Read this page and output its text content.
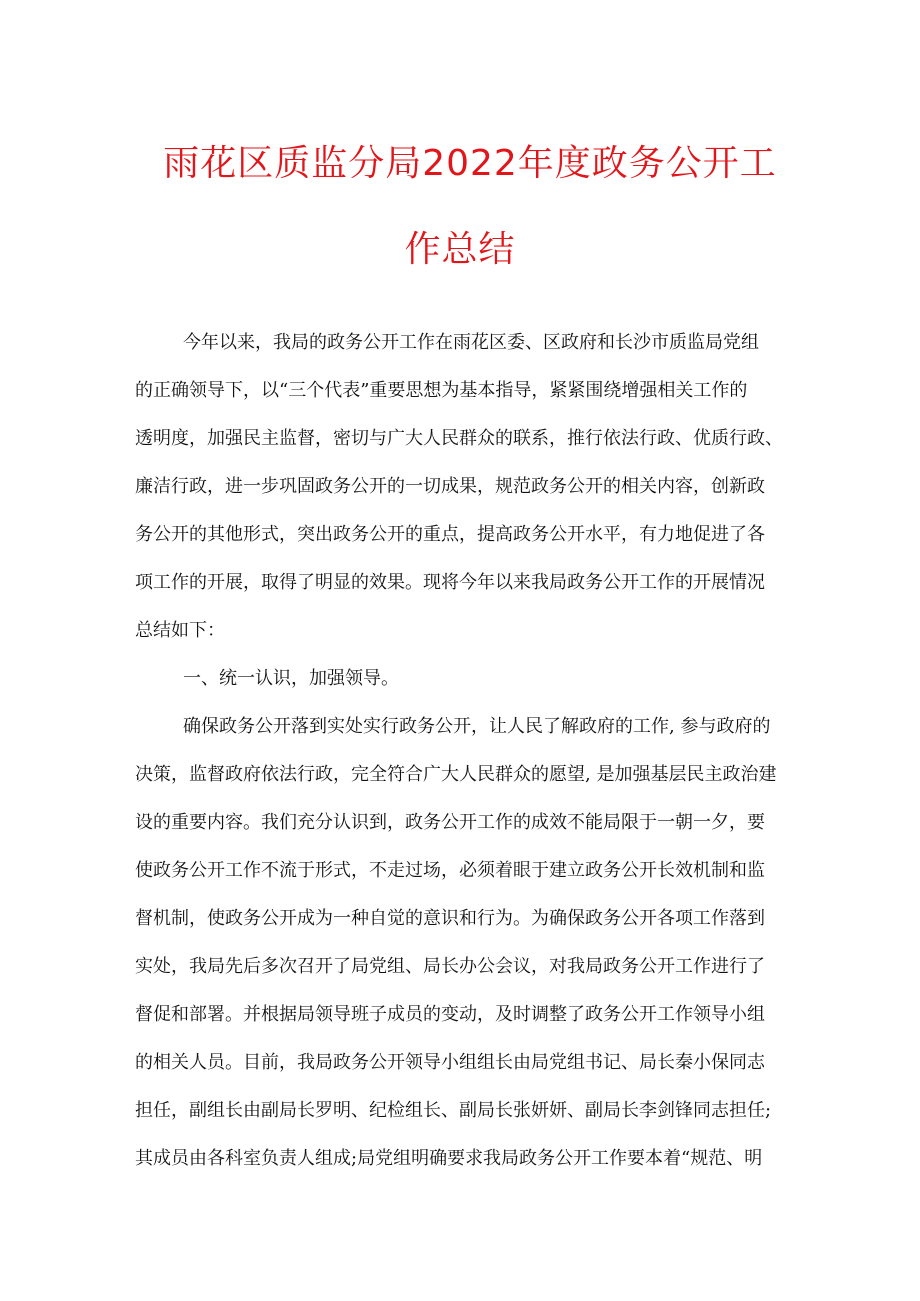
雨花区质监分局2022年度政务公开工
作总结
今年以来，我局的政务公开工作在雨花区委、区政府和长沙市质监局党组
的正确领导下，以“三个代表”重要思想为基本指导，紧紧围绕增强相关工作的
透明度，加强民主监督，密切与广大人民群众的联系，推行依法行政、优质行政、
廉洁行政，进一步巩固政务公开的一切成果，规范政务公开的相关内容，创新政
务公开的其他形式，突出政务公开的重点，提高政务公开水平，有力地促进了各
项工作的开展，取得了明显的效果。现将今年以来我局政务公开工作的开展情况
总结如下：
一、统一认识，加强领导。
确保政务公开落到实处实行政务公开，让人民了解政府的工作, 参与政府的
决策，监督政府依法行政，完全符合广大人民群众的愿望, 是加强基层民主政治建
设的重要内容。我们充分认识到，政务公开工作的成效不能局限于一朝一夕，要
使政务公开工作不流于形式，不走过场，必须着眼于建立政务公开长效机制和监
督机制，使政务公开成为一种自觉的意识和行为。为确保政务公开各项工作落到
实处，我局先后多次召开了局党组、局长办公会议，对我局政务公开工作进行了
督促和部署。并根据局领导班子成员的变动，及时调整了政务公开工作领导小组
的相关人员。目前，我局政务公开领导小组组长由局党组书记、局长秦小保同志
担任，副组长由副局长罗明、纪检组长、副局长张妍妍、副局长李剑锋同志担任;
其成员由各科室负责人组成;局党组明确要求我局政务公开工作要本着“规范、明
